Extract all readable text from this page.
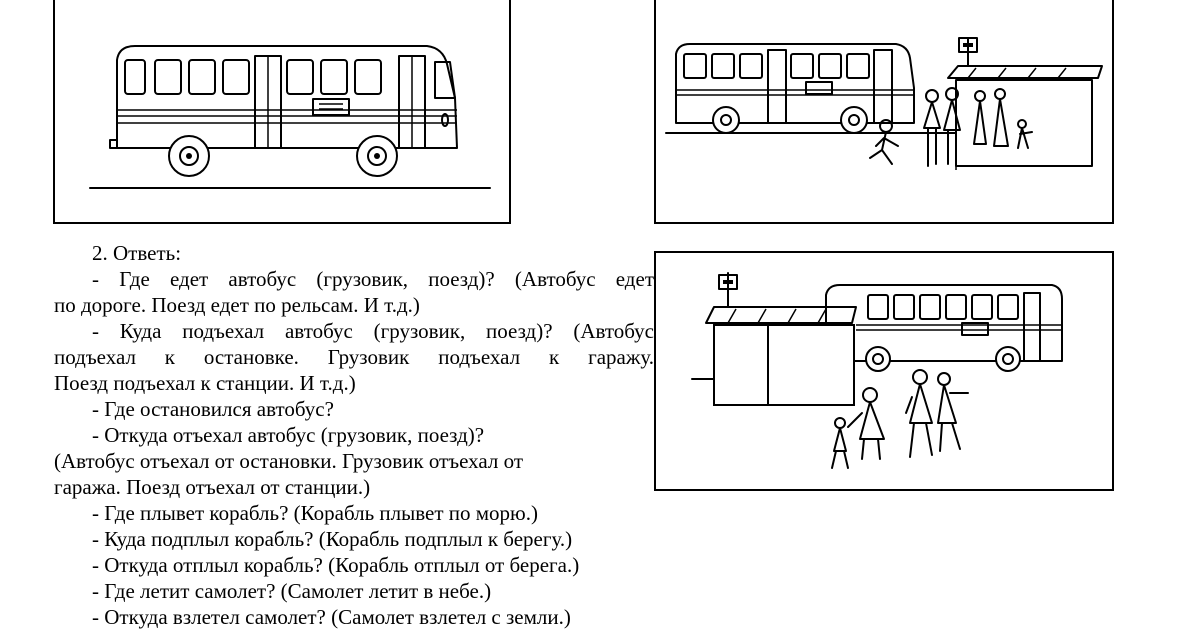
2. Ответь:

- Где едет автобус (грузовик, поезд)? (Автобус едет

по дороге. Поезд едет по рельсам. И т.д.)

- Куда подъехал автобус (грузовик, поезд)? (Автобус

подъехал к остановке. Грузовик подъехал к гаражу.

Поезд подъехал к станции. И т.д.)

- Где остановился автобус?

- Откуда отъехал автобус (грузовик, поезд)?

(Автобус отъехал от остановки. Грузовик отъехал от

гаража. Поезд отъехал от станции.)

- Где плывет корабль? (Корабль плывет по морю.)

- Куда подплыл корабль? (Корабль подплыл к берегу.)

- Откуда отплыл корабль? (Корабль отплыл от берега.)

- Где летит самолет? (Самолет летит в небе.)

- Откуда взлетел самолет? (Самолет взлетел с земли.)
